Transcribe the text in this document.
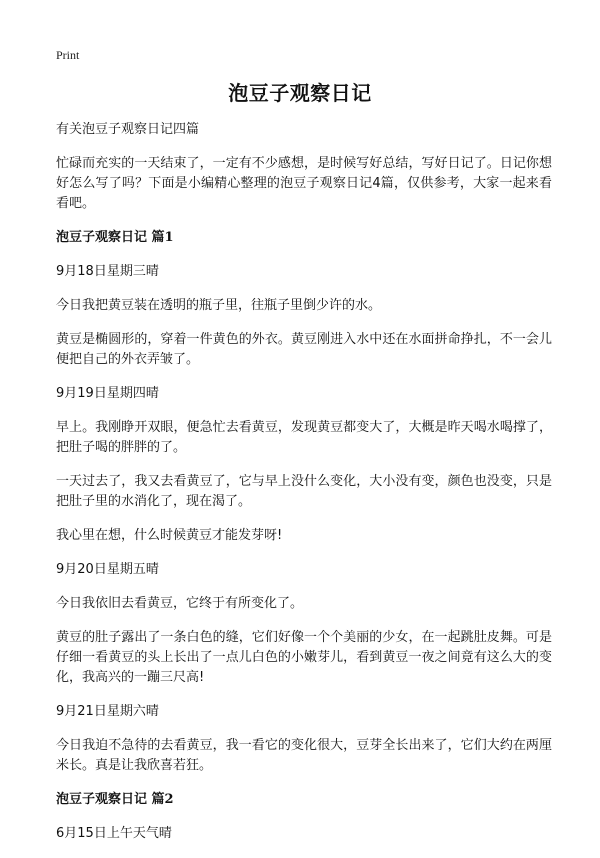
Print
泡豆子观察日记

有关泡豆子观察日记四篇

忙碌而充实的一天结束了，一定有不少感想，是时候写好总结，写好日记了。日记你想好怎么写了吗？下面是小编精心整理的泡豆子观察日记4篇，仅供参考，大家一起来看看吧。

泡豆子观察日记 篇1

9月18日星期三晴

今日我把黄豆装在透明的瓶子里，往瓶子里倒少许的水。

黄豆是椭圆形的，穿着一件黄色的外衣。黄豆刚进入水中还在水面拼命挣扎，不一会儿便把自己的外衣弄皱了。

9月19日星期四晴

早上。我刚睁开双眼，便急忙去看黄豆，发现黄豆都变大了，大概是昨天喝水喝撑了，把肚子喝的胖胖的了。

一天过去了，我又去看黄豆了，它与早上没什么变化，大小没有变，颜色也没变，只是把肚子里的水消化了，现在渴了。

我心里在想，什么时候黄豆才能发芽呀!

9月20日星期五晴

今日我依旧去看黄豆，它终于有所变化了。

黄豆的肚子露出了一条白色的缝，它们好像一个个美丽的少女，在一起跳肚皮舞。可是仔细一看黄豆的头上长出了一点儿白色的小嫩芽儿，看到黄豆一夜之间竟有这么大的变化，我高兴的一蹦三尺高!

9月21日星期六晴

今日我迫不急待的去看黄豆，我一看它的变化很大，豆芽全长出来了，它们大约在两厘米长。真是让我欣喜若狂。

泡豆子观察日记 篇2

6月15日上午天气晴
